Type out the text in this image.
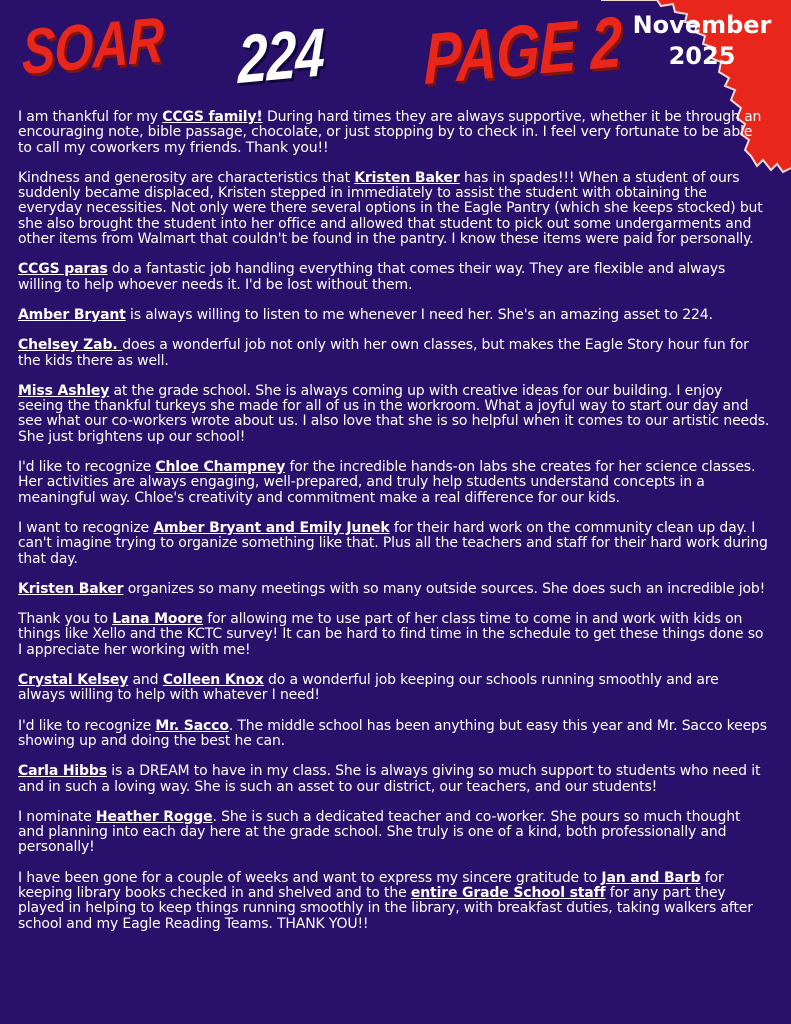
SOAR 224 PAGE 2 November
2025

I am thankful for my CCGS family! During hard times they are always supportive, whether it be through an encouraging note, bible passage, chocolate, or just stopping by to check in. I feel very fortunate to be able to call my coworkers my friends. Thank you!!

Kindness and generosity are characteristics that Kristen Baker has in spades!!! When a student of ours suddenly became displaced, Kristen stepped in immediately to assist the student with obtaining the everyday necessities. Not only were there several options in the Eagle Pantry (which she keeps stocked) but she also brought the student into her office and allowed that student to pick out some undergarments and other items from Walmart that couldn't be found in the pantry. I know these items were paid for personally.

CCGS paras do a fantastic job handling everything that comes their way. They are flexible and always willing to help whoever needs it. I'd be lost without them.

Amber Bryant is always willing to listen to me whenever I need her. She's an amazing asset to 224.

Chelsey Zab. does a wonderful job not only with her own classes, but makes the Eagle Story hour fun for the kids there as well.

Miss Ashley at the grade school. She is always coming up with creative ideas for our building. I enjoy seeing the thankful turkeys she made for all of us in the workroom. What a joyful way to start our day and see what our co-workers wrote about us. I also love that she is so helpful when it comes to our artistic needs. She just brightens up our school!

I'd like to recognize Chloe Champney for the incredible hands-on labs she creates for her science classes. Her activities are always engaging, well-prepared, and truly help students understand concepts in a meaningful way. Chloe's creativity and commitment make a real difference for our kids.

I want to recognize Amber Bryant and Emily Junek for their hard work on the community clean up day. I can't imagine trying to organize something like that. Plus all the teachers and staff for their hard work during that day.

Kristen Baker organizes so many meetings with so many outside sources. She does such an incredible job!

Thank you to Lana Moore for allowing me to use part of her class time to come in and work with kids on things like Xello and the KCTC survey! It can be hard to find time in the schedule to get these things done so I appreciate her working with me!

Crystal Kelsey and Colleen Knox do a wonderful job keeping our schools running smoothly and are always willing to help with whatever I need!

I'd like to recognize Mr. Sacco. The middle school has been anything but easy this year and Mr. Sacco keeps showing up and doing the best he can.

Carla Hibbs is a DREAM to have in my class. She is always giving so much support to students who need it and in such a loving way. She is such an asset to our district, our teachers, and our students!

I nominate Heather Rogge. She is such a dedicated teacher and co-worker. She pours so much thought and planning into each day here at the grade school. She truly is one of a kind, both professionally and personally!

I have been gone for a couple of weeks and want to express my sincere gratitude to Jan and Barb for keeping library books checked in and shelved and to the entire Grade School staff for any part they played in helping to keep things running smoothly in the library, with breakfast duties, taking walkers after school and my Eagle Reading Teams. THANK YOU!!
